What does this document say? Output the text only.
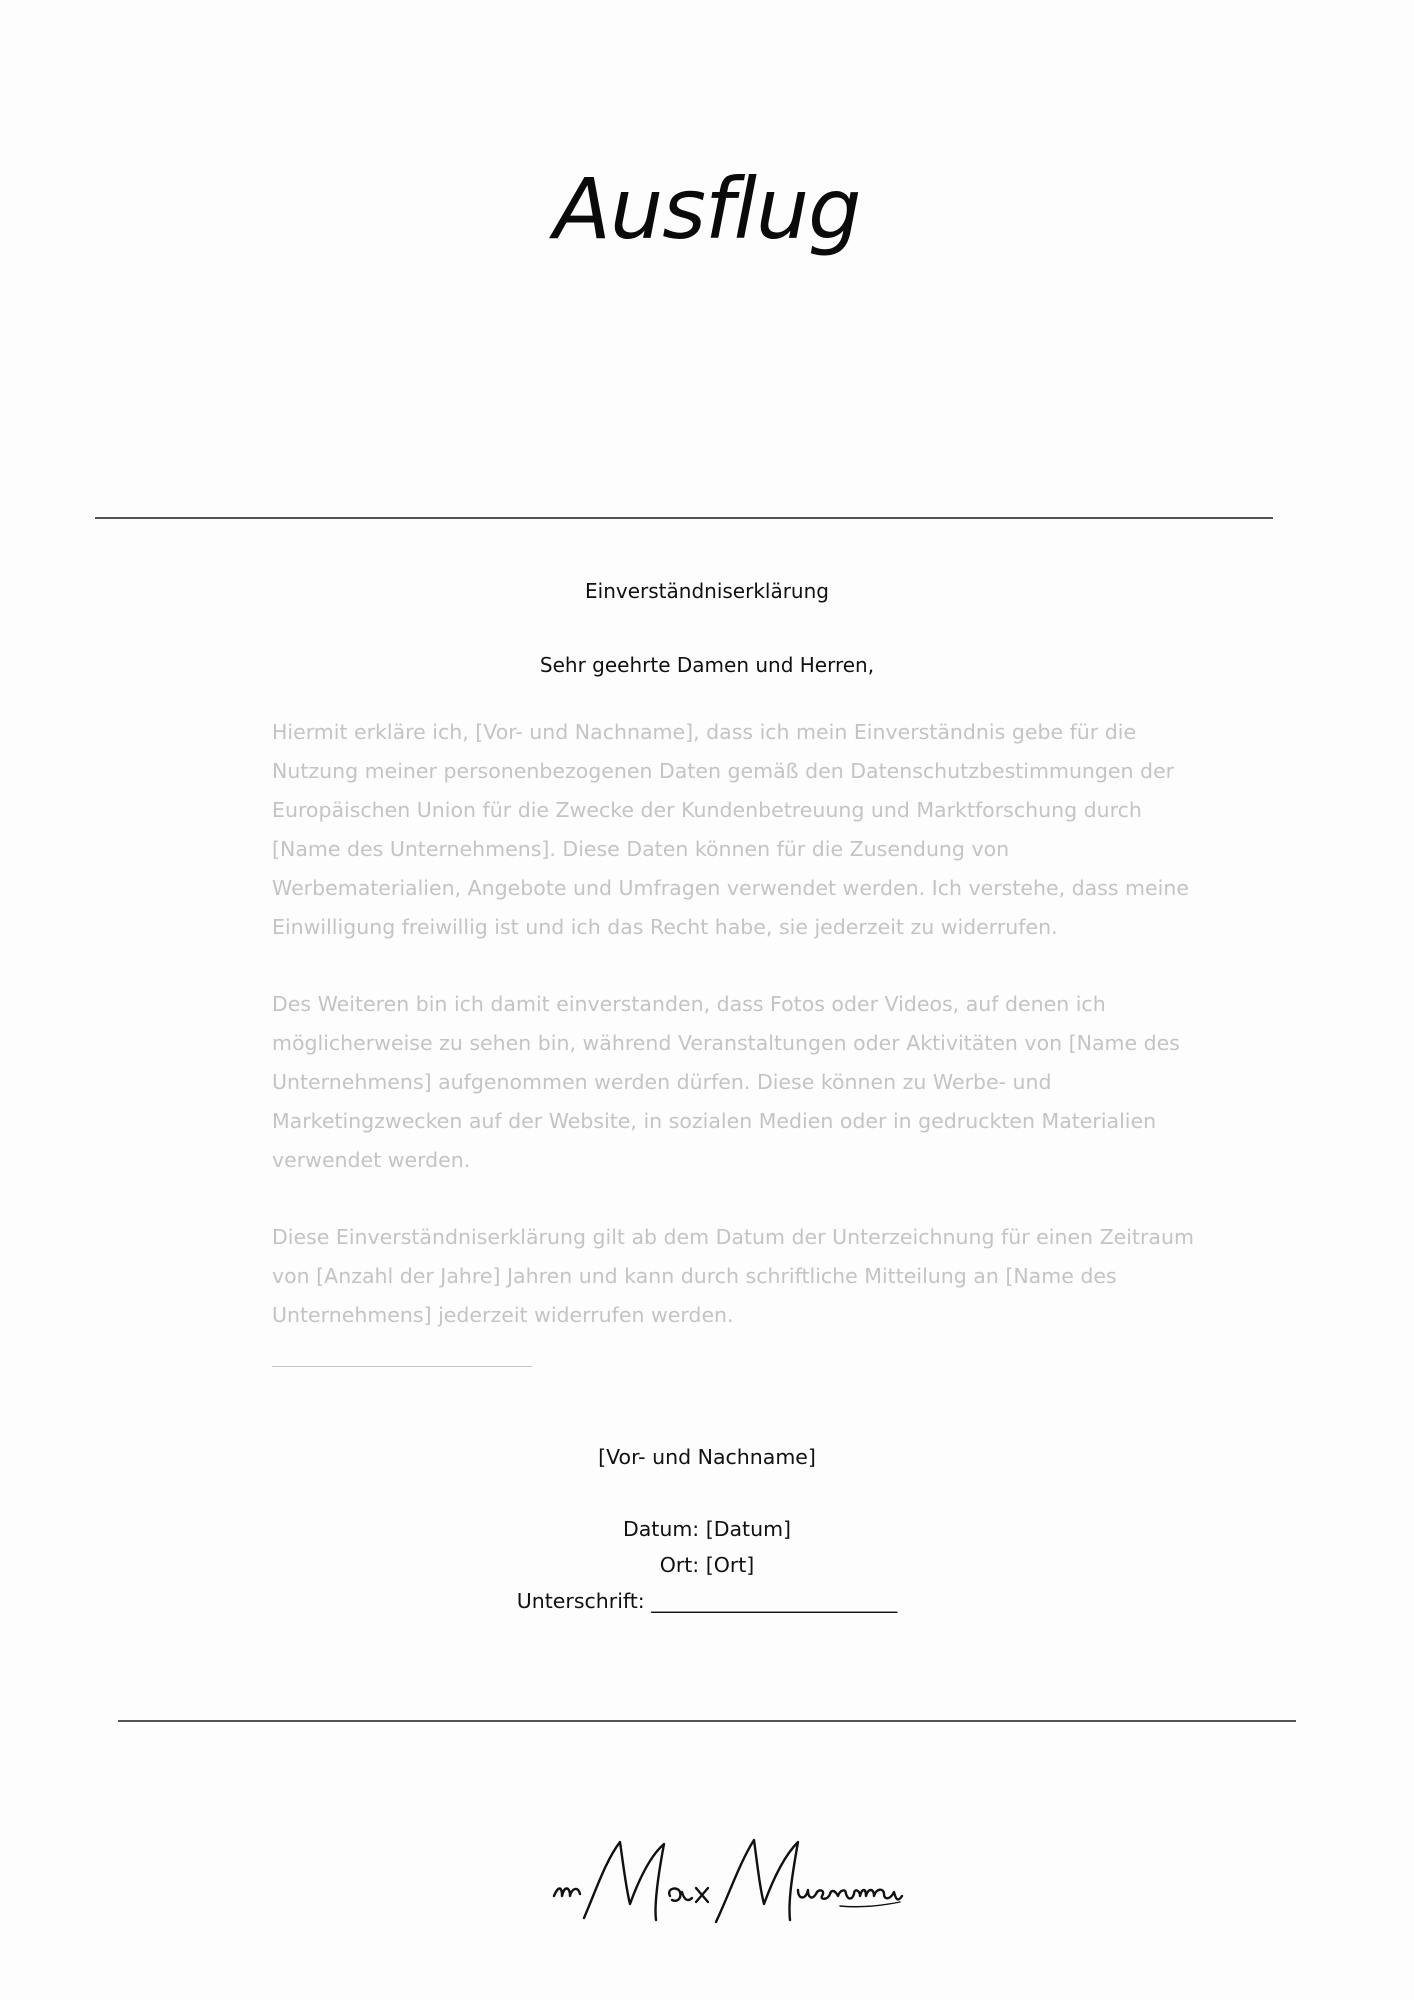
Ausflug
Einverständniserklärung
Sehr geehrte Damen und Herren,
Hiermit erkläre ich, [Vor- und Nachname], dass ich mein Einverständnis gebe für die Nutzung meiner personenbezogenen Daten gemäß den Datenschutzbestimmungen der Europäischen Union für die Zwecke der Kundenbetreuung und Marktforschung durch [Name des Unternehmens]. Diese Daten können für die Zusendung von Werbematerialien, Angebote und Umfragen verwendet werden. Ich verstehe, dass meine Einwilligung freiwillig ist und ich das Recht habe, sie jederzeit zu widerrufen.
Des Weiteren bin ich damit einverstanden, dass Fotos oder Videos, auf denen ich möglicherweise zu sehen bin, während Veranstaltungen oder Aktivitäten von [Name des Unternehmens] aufgenommen werden dürfen. Diese können zu Werbe- und Marketingzwecken auf der Website, in sozialen Medien oder in gedruckten Materialien verwendet werden.
Diese Einverständniserklärung gilt ab dem Datum der Unterzeichnung für einen Zeitraum von [Anzahl der Jahre] Jahren und kann durch schriftliche Mitteilung an [Name des Unternehmens] jederzeit widerrufen werden.
[Vor- und Nachname]
Datum: [Datum]
Ort: [Ort]
Unterschrift: ________________________
